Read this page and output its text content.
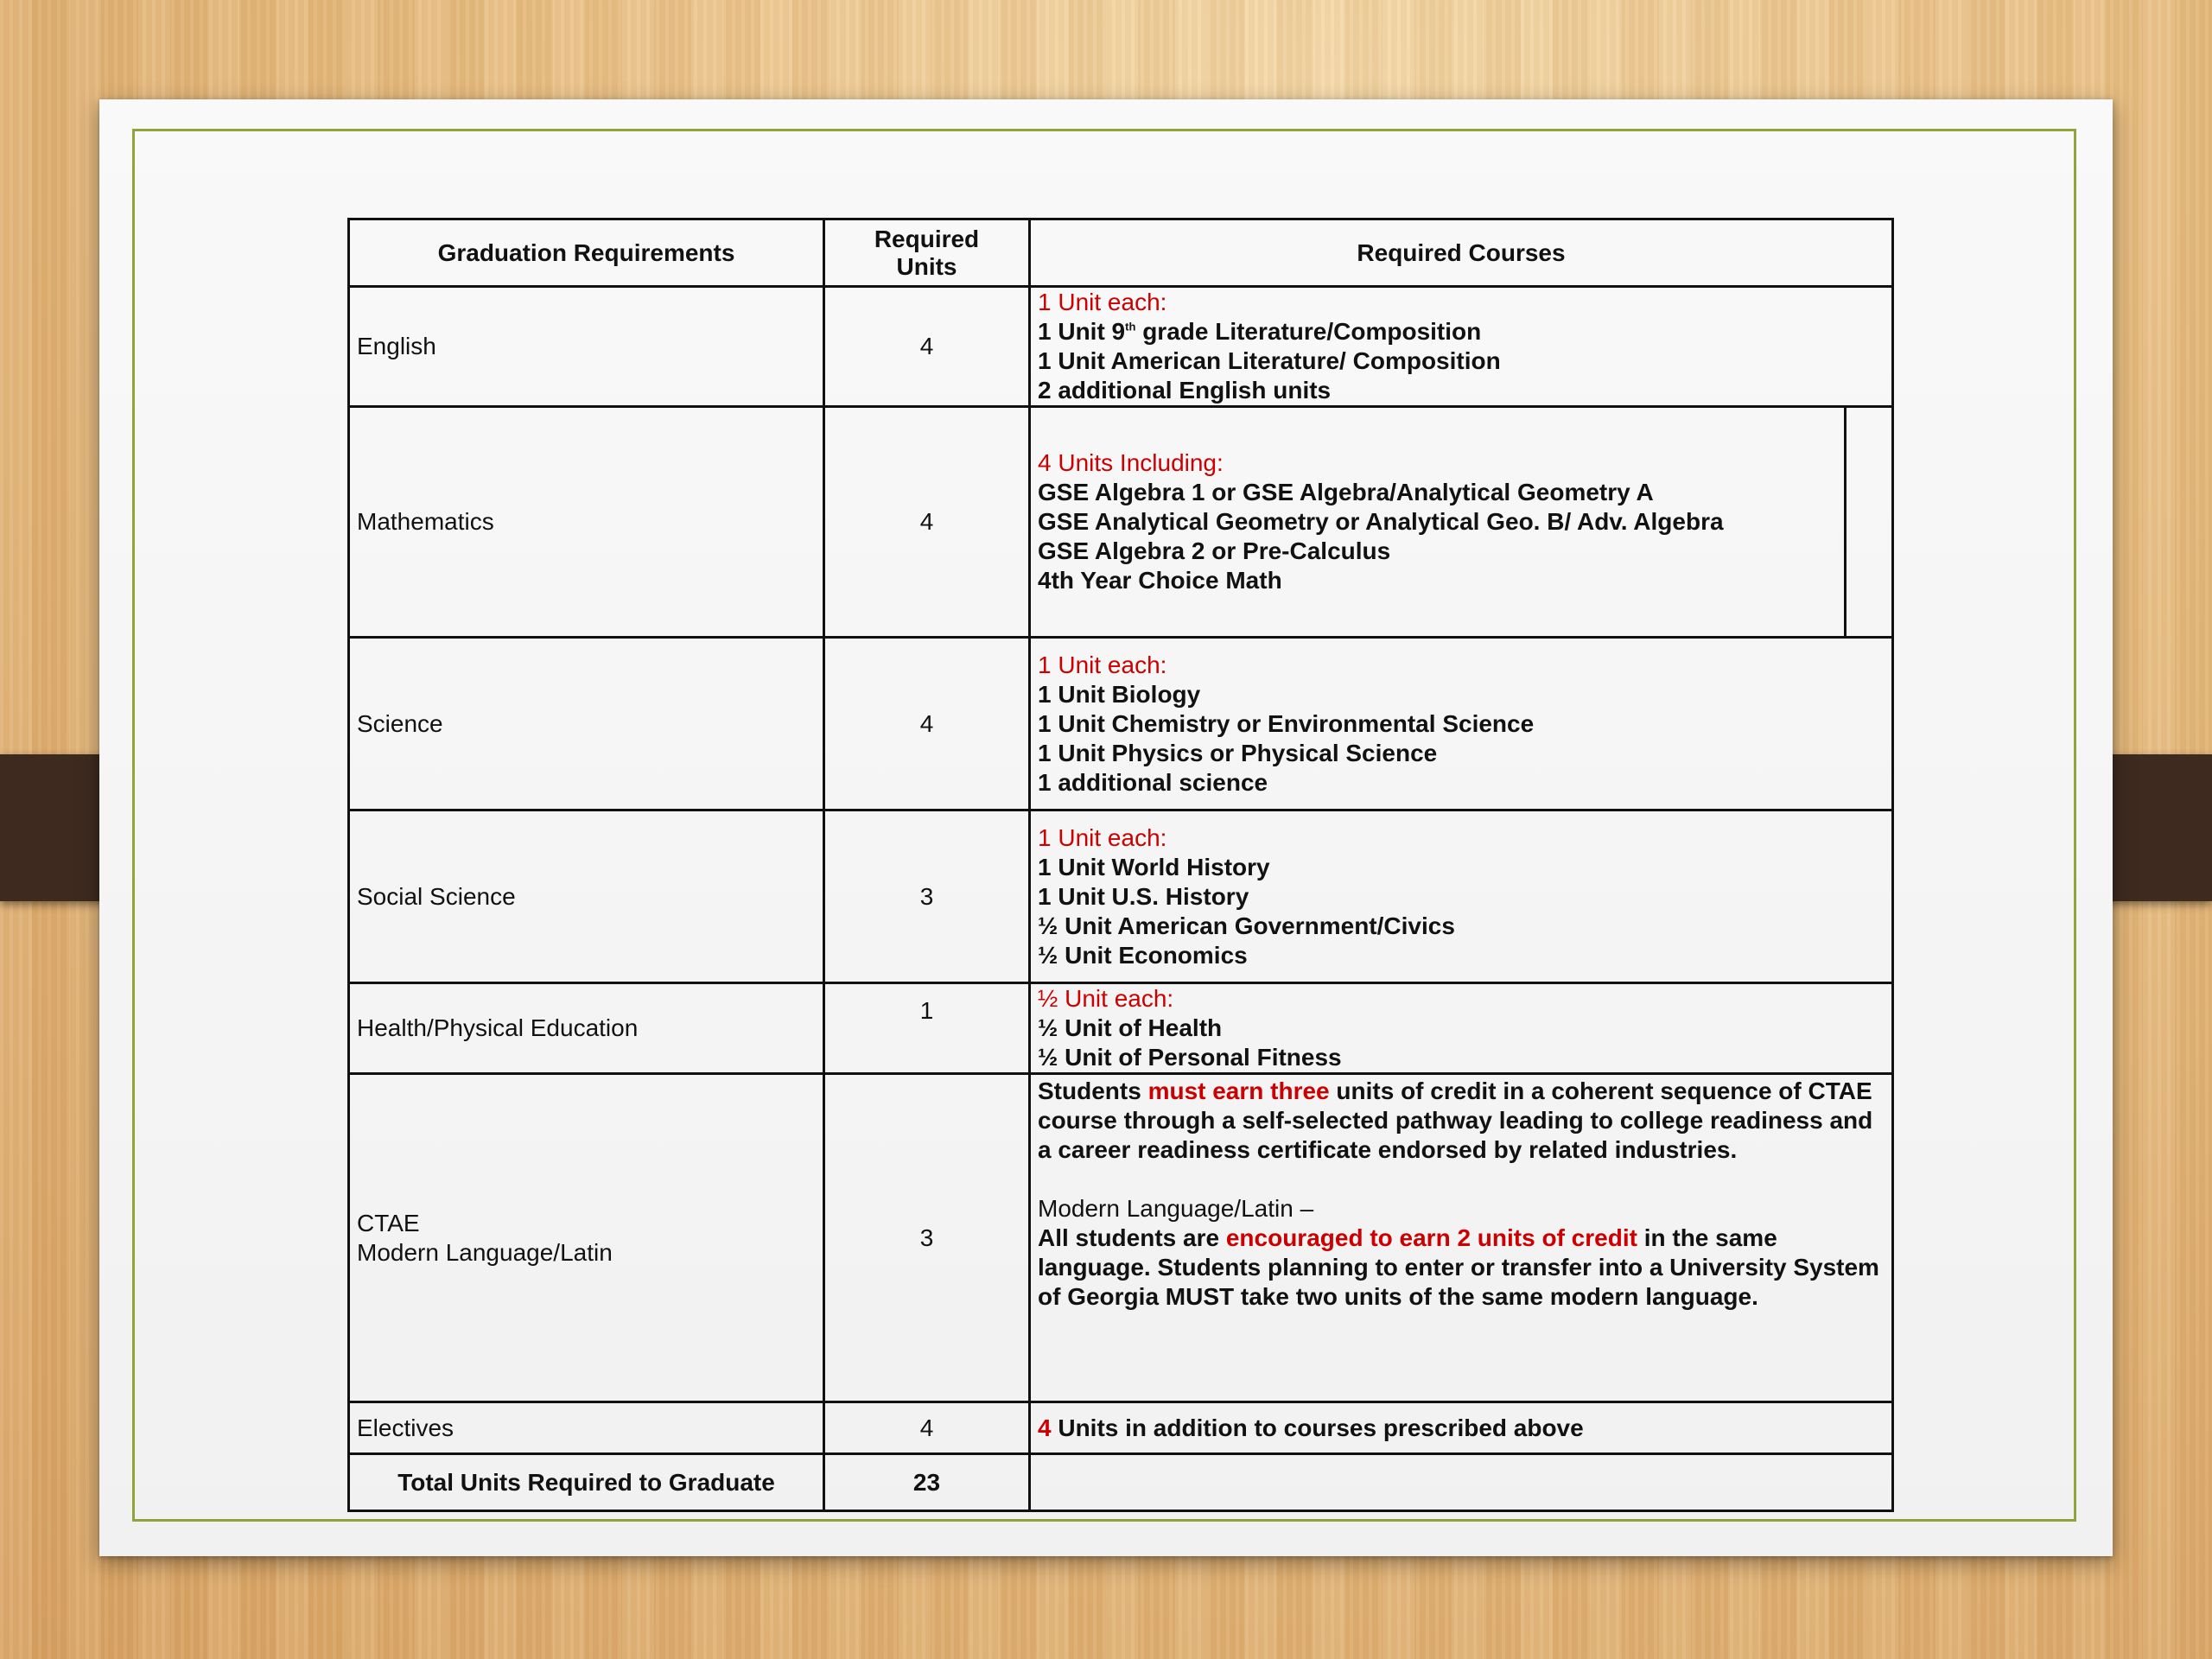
Graduation Requirements	Required Units	Required Courses
English	4	1 Unit each:
1 Unit 9th grade Literature/Composition
1 Unit American Literature/ Composition
2 additional English units

Mathematics	4	4 Units Including:
GSE Algebra 1 or GSE Algebra/Analytical Geometry A
GSE Analytical Geometry or Analytical Geo. B/ Adv. Algebra
GSE Algebra 2 or Pre-Calculus
4th Year Choice Math

Science	4	1 Unit each:
1 Unit Biology
1 Unit Chemistry or Environmental Science
1 Unit Physics or Physical Science
1 additional science

Social Science	3	1 Unit each:
1 Unit World History
1 Unit U.S. History
½ Unit American Government/Civics
½ Unit Economics

Health/Physical Education	1	½ Unit each:
½ Unit of Health
½ Unit of Personal Fitness

CTAE
Modern Language/Latin	3	Students must earn three units of credit in a coherent sequence of CTAE course through a self-selected pathway leading to college readiness and a career readiness certificate endorsed by related industries.
Modern Language/Latin –
All students are encouraged to earn 2 units of credit in the same language. Students planning to enter or transfer into a University System of Georgia MUST take two units of the same modern language.

Electives	4	4 Units in addition to courses prescribed above
Total Units Required to Graduate	23	
